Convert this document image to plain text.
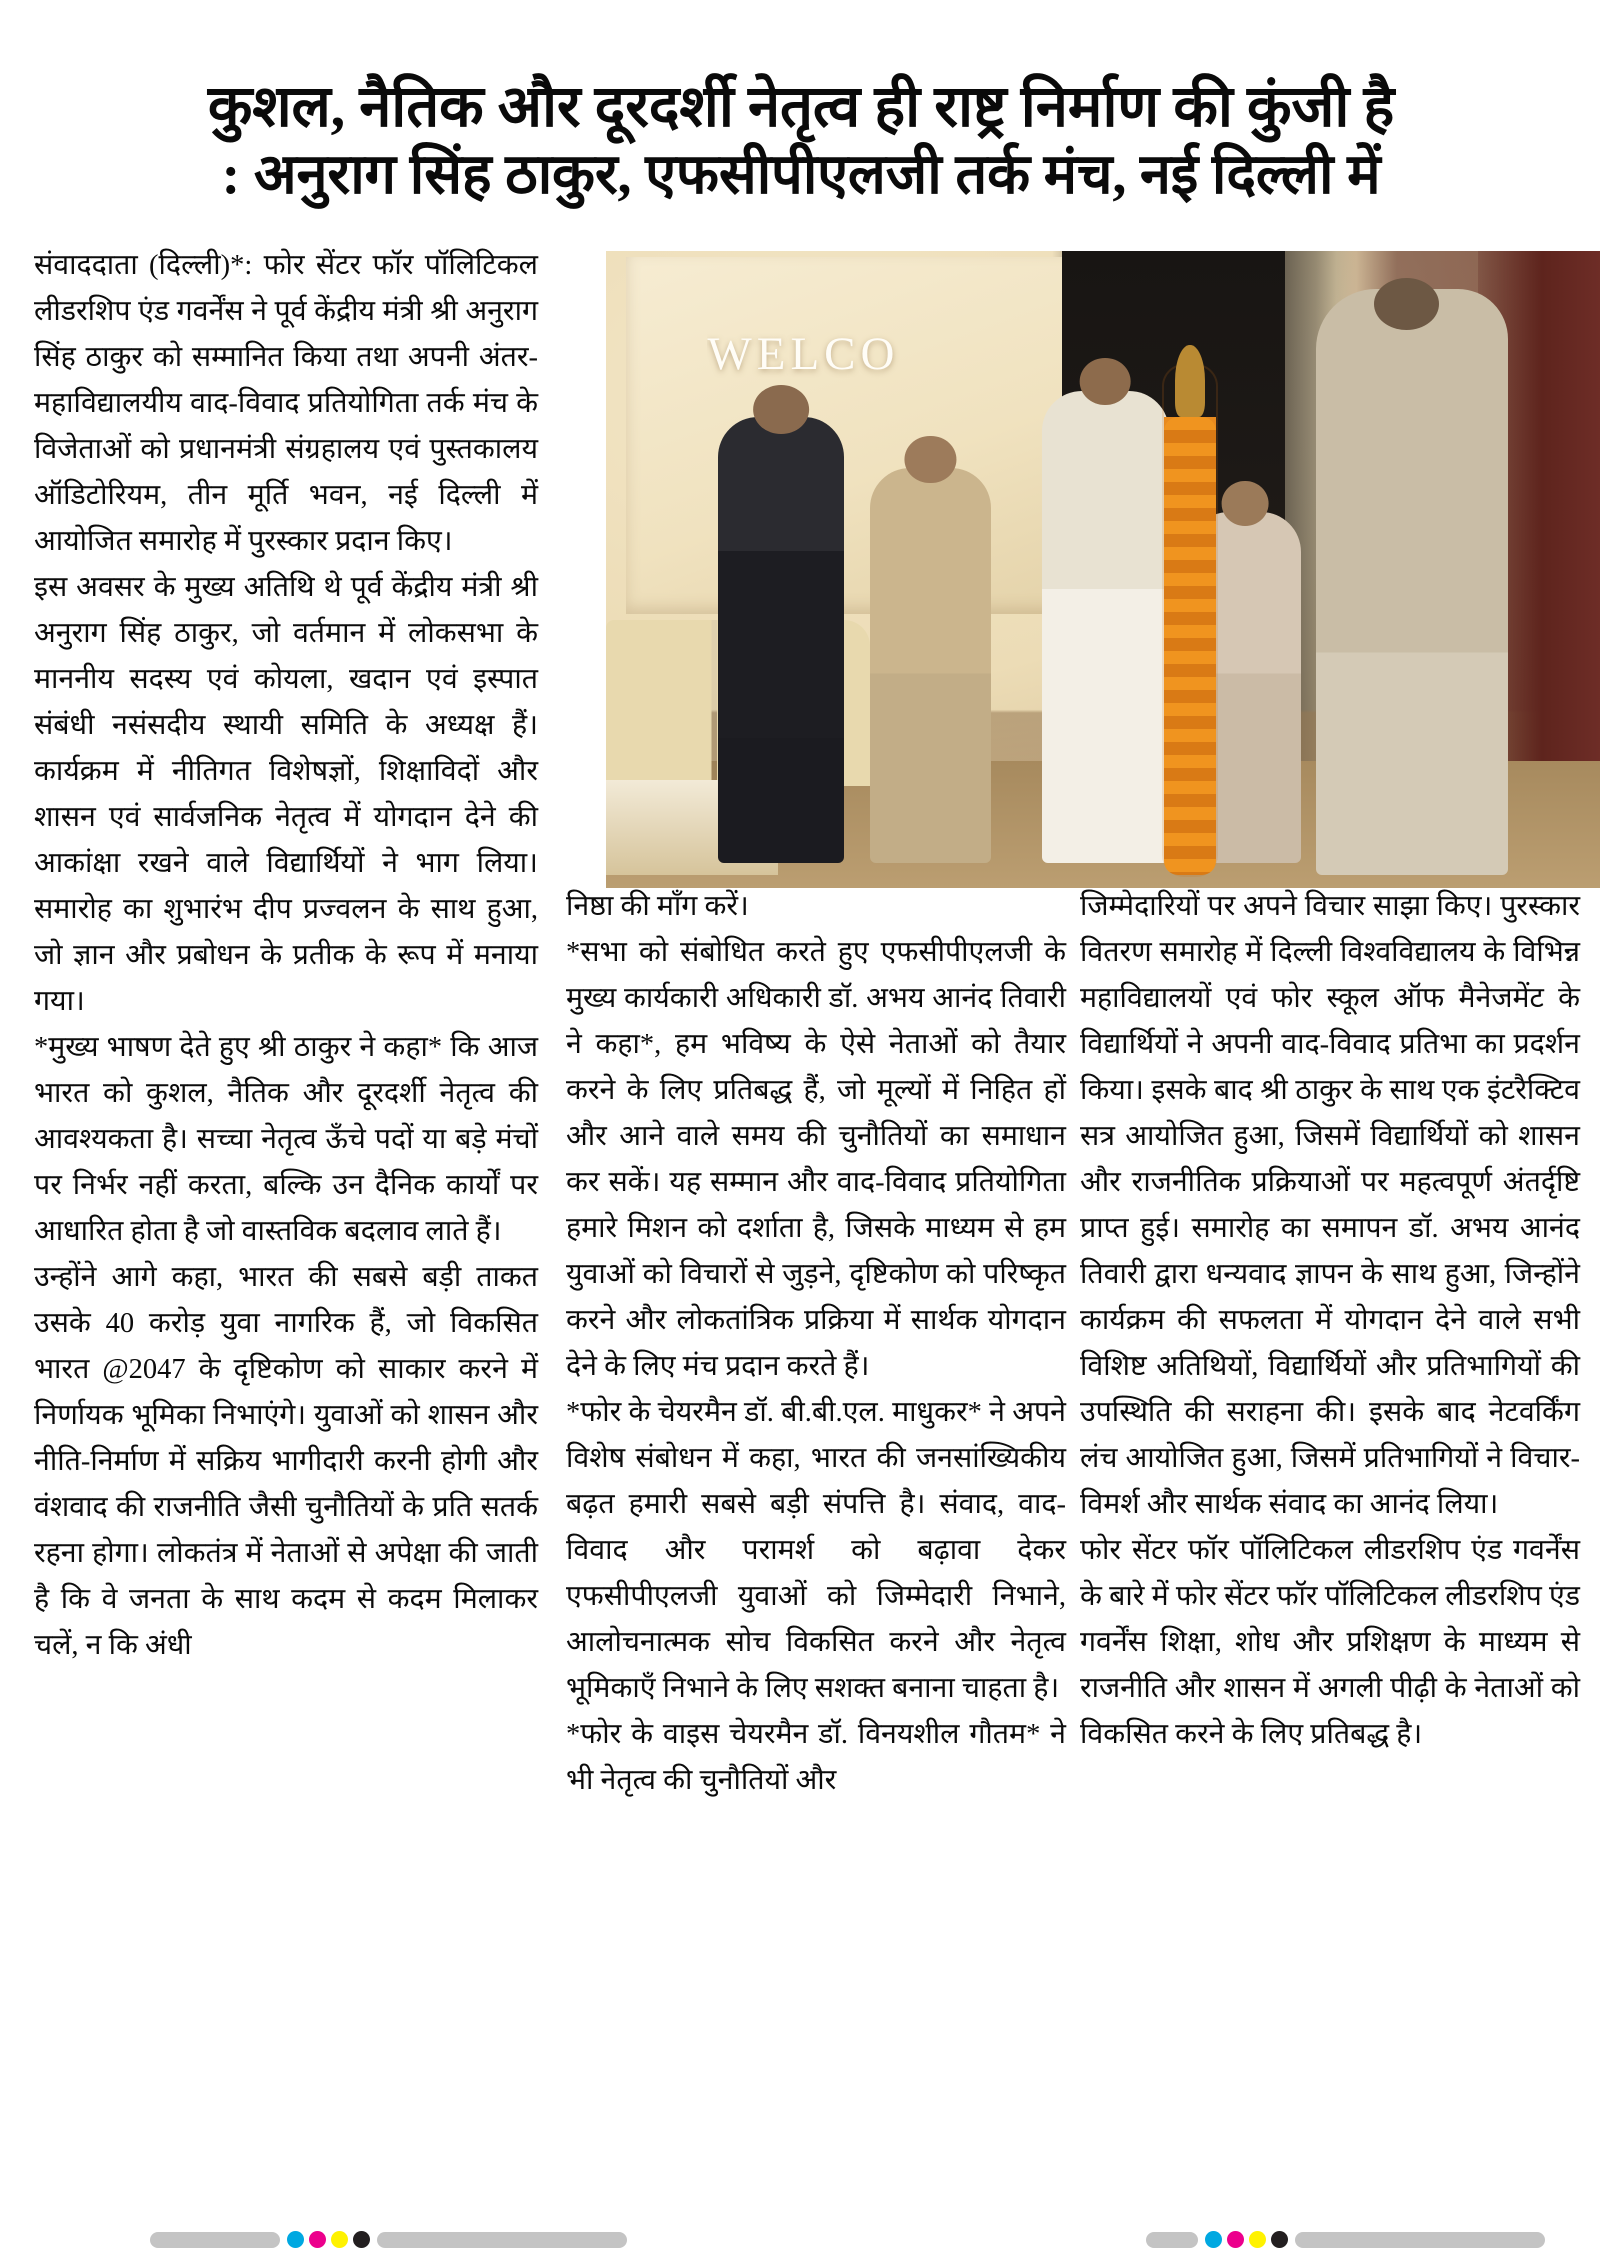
कुशल, नैतिक और दूरदर्शी नेतृत्व ही राष्ट्र निर्माण की कुंजी है
: अनुराग सिंह ठाकुर, एफसीपीएलजी तर्क मंच, नई दिल्ली में
WELCO

संवाददाता (दिल्ली)*: फोर सेंटर फॉर पॉलिटिकल लीडरशिप एंड गवर्नेंस ने पूर्व केंद्रीय मंत्री श्री अनुराग सिंह ठाकुर को सम्मानित किया तथा अपनी अंतर-महाविद्यालयीय वाद-विवाद प्रतियोगिता तर्क मंच के विजेताओं को प्रधानमंत्री संग्रहालय एवं पुस्तकालय ऑडिटोरियम, तीन मूर्ति भवन, नई दिल्ली में आयोजित समारोह में पुरस्कार प्रदान किए।

इस अवसर के मुख्य अतिथि थे पूर्व केंद्रीय मंत्री श्री अनुराग सिंह ठाकुर, जो वर्तमान में लोकसभा के माननीय सदस्य एवं कोयला, खदान एवं इस्पात संबंधी नसंसदीय स्थायी समिति के अध्यक्ष हैं। कार्यक्रम में नीतिगत विशेषज्ञों, शिक्षाविदों और शासन एवं सार्वजनिक नेतृत्व में योगदान देने की आकांक्षा रखने वाले विद्यार्थियों ने भाग लिया। समारोह का शुभारंभ दीप प्रज्वलन के साथ हुआ, जो ज्ञान और प्रबोधन के प्रतीक के रूप में मनाया गया।

*मुख्य भाषण देते हुए श्री ठाकुर ने कहा* कि आज भारत को कुशल, नैतिक और दूरदर्शी नेतृत्व की आवश्यकता है। सच्चा नेतृत्व ऊँचे पदों या बड़े मंचों पर निर्भर नहीं करता, बल्कि उन दैनिक कार्यों पर आधारित होता है जो वास्तविक बदलाव लाते हैं।

उन्होंने आगे कहा, भारत की सबसे बड़ी ताकत उसके 40 करोड़ युवा नागरिक हैं, जो विकसित भारत @2047 के दृष्टिकोण को साकार करने में निर्णायक भूमिका निभाएंगे। युवाओं को शासन और नीति-निर्माण में सक्रिय भागीदारी करनी होगी और वंशवाद की राजनीति जैसी चुनौतियों के प्रति सतर्क रहना होगा। लोकतंत्र में नेताओं से अपेक्षा की जाती है कि वे जनता के साथ कदम से कदम मिलाकर चलें, न कि अंधी

निष्ठा की माँग करें।

*सभा को संबोधित करते हुए एफसीपीएलजी के मुख्य कार्यकारी अधिकारी डॉ. अभय आनंद तिवारी ने कहा*, हम भविष्य के ऐसे नेताओं को तैयार करने के लिए प्रतिबद्ध हैं, जो मूल्यों में निहित हों और आने वाले समय की चुनौतियों का समाधान कर सकें। यह सम्मान और वाद-विवाद प्रतियोगिता हमारे मिशन को दर्शाता है, जिसके माध्यम से हम युवाओं को विचारों से जुड़ने, दृष्टिकोण को परिष्कृत करने और लोकतांत्रिक प्रक्रिया में सार्थक योगदान देने के लिए मंच प्रदान करते हैं।

*फोर के चेयरमैन डॉ. बी.बी.एल. माधुकर* ने अपने विशेष संबोधन में कहा, भारत की जनसांख्यिकीय बढ़त हमारी सबसे बड़ी संपत्ति है। संवाद, वाद-विवाद और परामर्श को बढ़ावा देकर एफसीपीएलजी युवाओं को जिम्मेदारी निभाने, आलोचनात्मक सोच विकसित करने और नेतृत्व भूमिकाएँ निभाने के लिए सशक्त बनाना चाहता है।

*फोर के वाइस चेयरमैन डॉ. विनयशील गौतम* ने भी नेतृत्व की चुनौतियों और

जिम्मेदारियों पर अपने विचार साझा किए। पुरस्कार वितरण समारोह में दिल्ली विश्वविद्यालय के विभिन्न महाविद्यालयों एवं फोर स्कूल ऑफ मैनेजमेंट के विद्यार्थियों ने अपनी वाद-विवाद प्रतिभा का प्रदर्शन किया। इसके बाद श्री ठाकुर के साथ एक इंटरैक्टिव सत्र आयोजित हुआ, जिसमें विद्यार्थियों को शासन और राजनीतिक प्रक्रियाओं पर महत्वपूर्ण अंतर्दृष्टि प्राप्त हुई। समारोह का समापन डॉ. अभय आनंद तिवारी द्वारा धन्यवाद ज्ञापन के साथ हुआ, जिन्होंने कार्यक्रम की सफलता में योगदान देने वाले सभी विशिष्ट अतिथियों, विद्यार्थियों और प्रतिभागियों की उपस्थिति की सराहना की। इसके बाद नेटवर्किंग लंच आयोजित हुआ, जिसमें प्रतिभागियों ने विचार-विमर्श और सार्थक संवाद का आनंद लिया।

फोर सेंटर फॉर पॉलिटिकल लीडरशिप एंड गवर्नेंस के बारे में फोर सेंटर फॉर पॉलिटिकल लीडरशिप एंड गवर्नेंस शिक्षा, शोध और प्रशिक्षण के माध्यम से राजनीति और शासन में अगली पीढ़ी के नेताओं को विकसित करने के लिए प्रतिबद्ध है।
